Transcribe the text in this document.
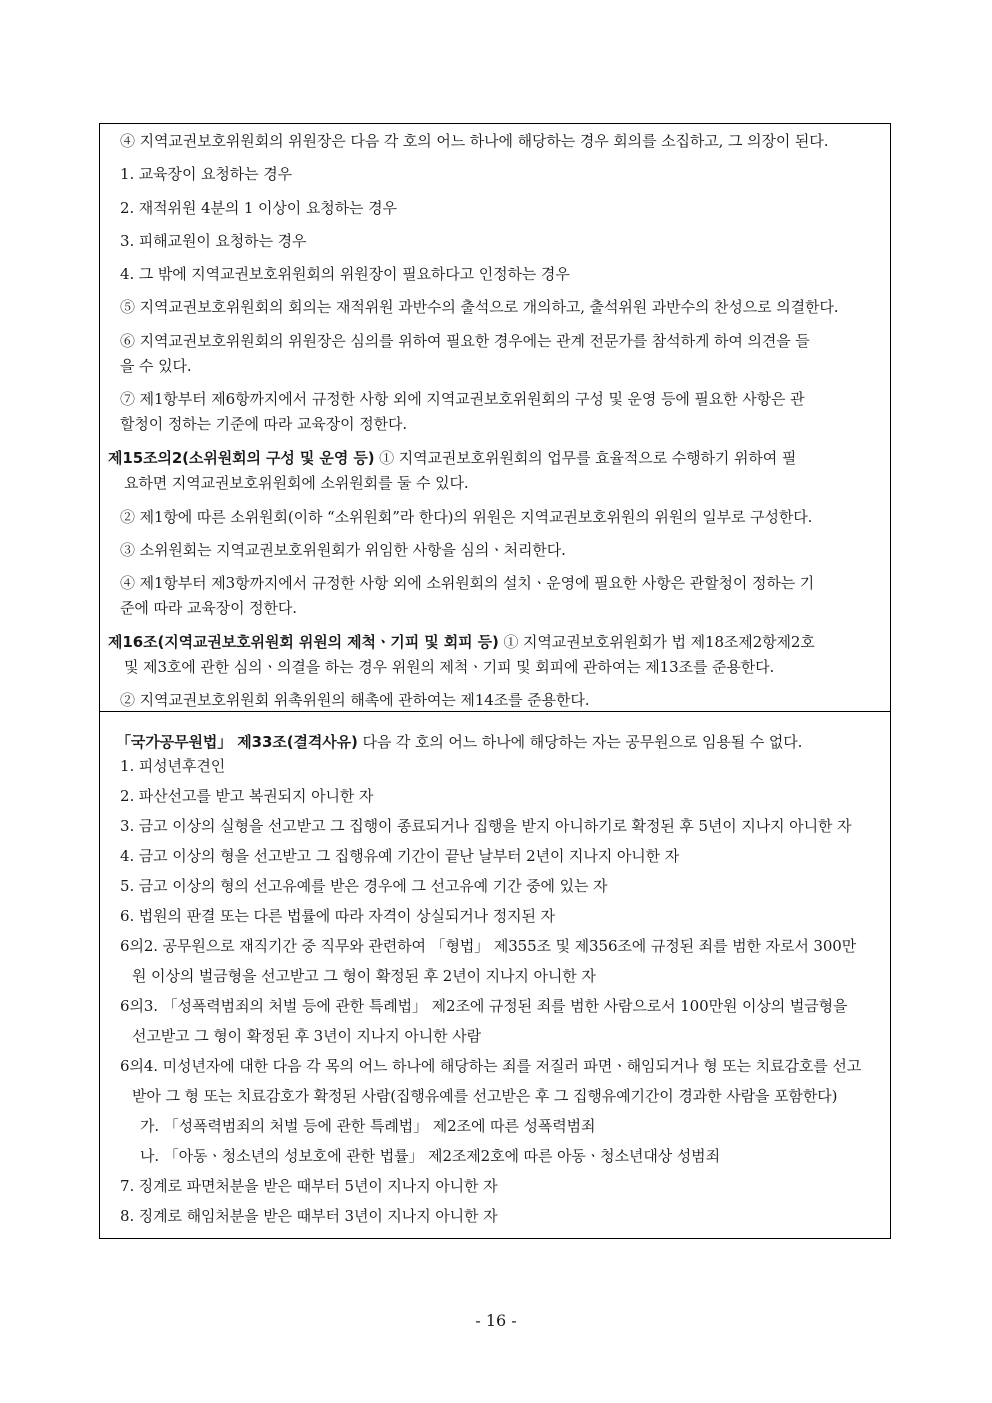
④ 지역교권보호위원회의 위원장은 다음 각 호의 어느 하나에 해당하는 경우 회의를 소집하고, 그 의장이 된다.
1. 교육장이 요청하는 경우
2. 재적위원 4분의 1 이상이 요청하는 경우
3. 피해교원이 요청하는 경우
4. 그 밖에 지역교권보호위원회의 위원장이 필요하다고 인정하는 경우
⑤ 지역교권보호위원회의 회의는 재적위원 과반수의 출석으로 개의하고, 출석위원 과반수의 찬성으로 의결한다.
⑥ 지역교권보호위원회의 위원장은 심의를 위하여 필요한 경우에는 관계 전문가를 참석하게 하여 의견을 들
을 수 있다.
⑦ 제1항부터 제6항까지에서 규정한 사항 외에 지역교권보호위원회의 구성 및 운영 등에 필요한 사항은 관
할청이 정하는 기준에 따라 교육장이 정한다.
제15조의2(소위원회의 구성 및 운영 등) ① 지역교권보호위원회의 업무를 효율적으로 수행하기 위하여 필
요하면 지역교권보호위원회에 소위원회를 둘 수 있다.
② 제1항에 따른 소위원회(이하 “소위원회”라 한다)의 위원은 지역교권보호위원의 위원의 일부로 구성한다.
③ 소위원회는 지역교권보호위원회가 위임한 사항을 심의ㆍ처리한다.
④ 제1항부터 제3항까지에서 규정한 사항 외에 소위원회의 설치ㆍ운영에 필요한 사항은 관할청이 정하는 기
준에 따라 교육장이 정한다.
제16조(지역교권보호위원회 위원의 제척ㆍ기피 및 회피 등) ① 지역교권보호위원회가 법 제18조제2항제2호
및 제3호에 관한 심의ㆍ의결을 하는 경우 위원의 제척ㆍ기피 및 회피에 관하여는 제13조를 준용한다.
② 지역교권보호위원회 위촉위원의 해촉에 관하여는 제14조를 준용한다.
「국가공무원법」 제33조(결격사유) 다음 각 호의 어느 하나에 해당하는 자는 공무원으로 임용될 수 없다.
1. 피성년후견인
2. 파산선고를 받고 복권되지 아니한 자
3. 금고 이상의 실형을 선고받고 그 집행이 종료되거나 집행을 받지 아니하기로 확정된 후 5년이 지나지 아니한 자
4. 금고 이상의 형을 선고받고 그 집행유예 기간이 끝난 날부터 2년이 지나지 아니한 자
5. 금고 이상의 형의 선고유예를 받은 경우에 그 선고유예 기간 중에 있는 자
6. 법원의 판결 또는 다른 법률에 따라 자격이 상실되거나 정지된 자
6의2. 공무원으로 재직기간 중 직무와 관련하여 「형법」 제355조 및 제356조에 규정된 죄를 범한 자로서 300만
원 이상의 벌금형을 선고받고 그 형이 확정된 후 2년이 지나지 아니한 자
6의3. 「성폭력범죄의 처벌 등에 관한 특례법」 제2조에 규정된 죄를 범한 사람으로서 100만원 이상의 벌금형을
선고받고 그 형이 확정된 후 3년이 지나지 아니한 사람
6의4. 미성년자에 대한 다음 각 목의 어느 하나에 해당하는 죄를 저질러 파면ㆍ해임되거나 형 또는 치료감호를 선고
받아 그 형 또는 치료감호가 확정된 사람(집행유예를 선고받은 후 그 집행유예기간이 경과한 사람을 포함한다)
가. 「성폭력범죄의 처벌 등에 관한 특례법」 제2조에 따른 성폭력범죄
나. 「아동ㆍ청소년의 성보호에 관한 법률」 제2조제2호에 따른 아동ㆍ청소년대상 성범죄
7. 징계로 파면처분을 받은 때부터 5년이 지나지 아니한 자
8. 징계로 해임처분을 받은 때부터 3년이 지나지 아니한 자
- 16 -
